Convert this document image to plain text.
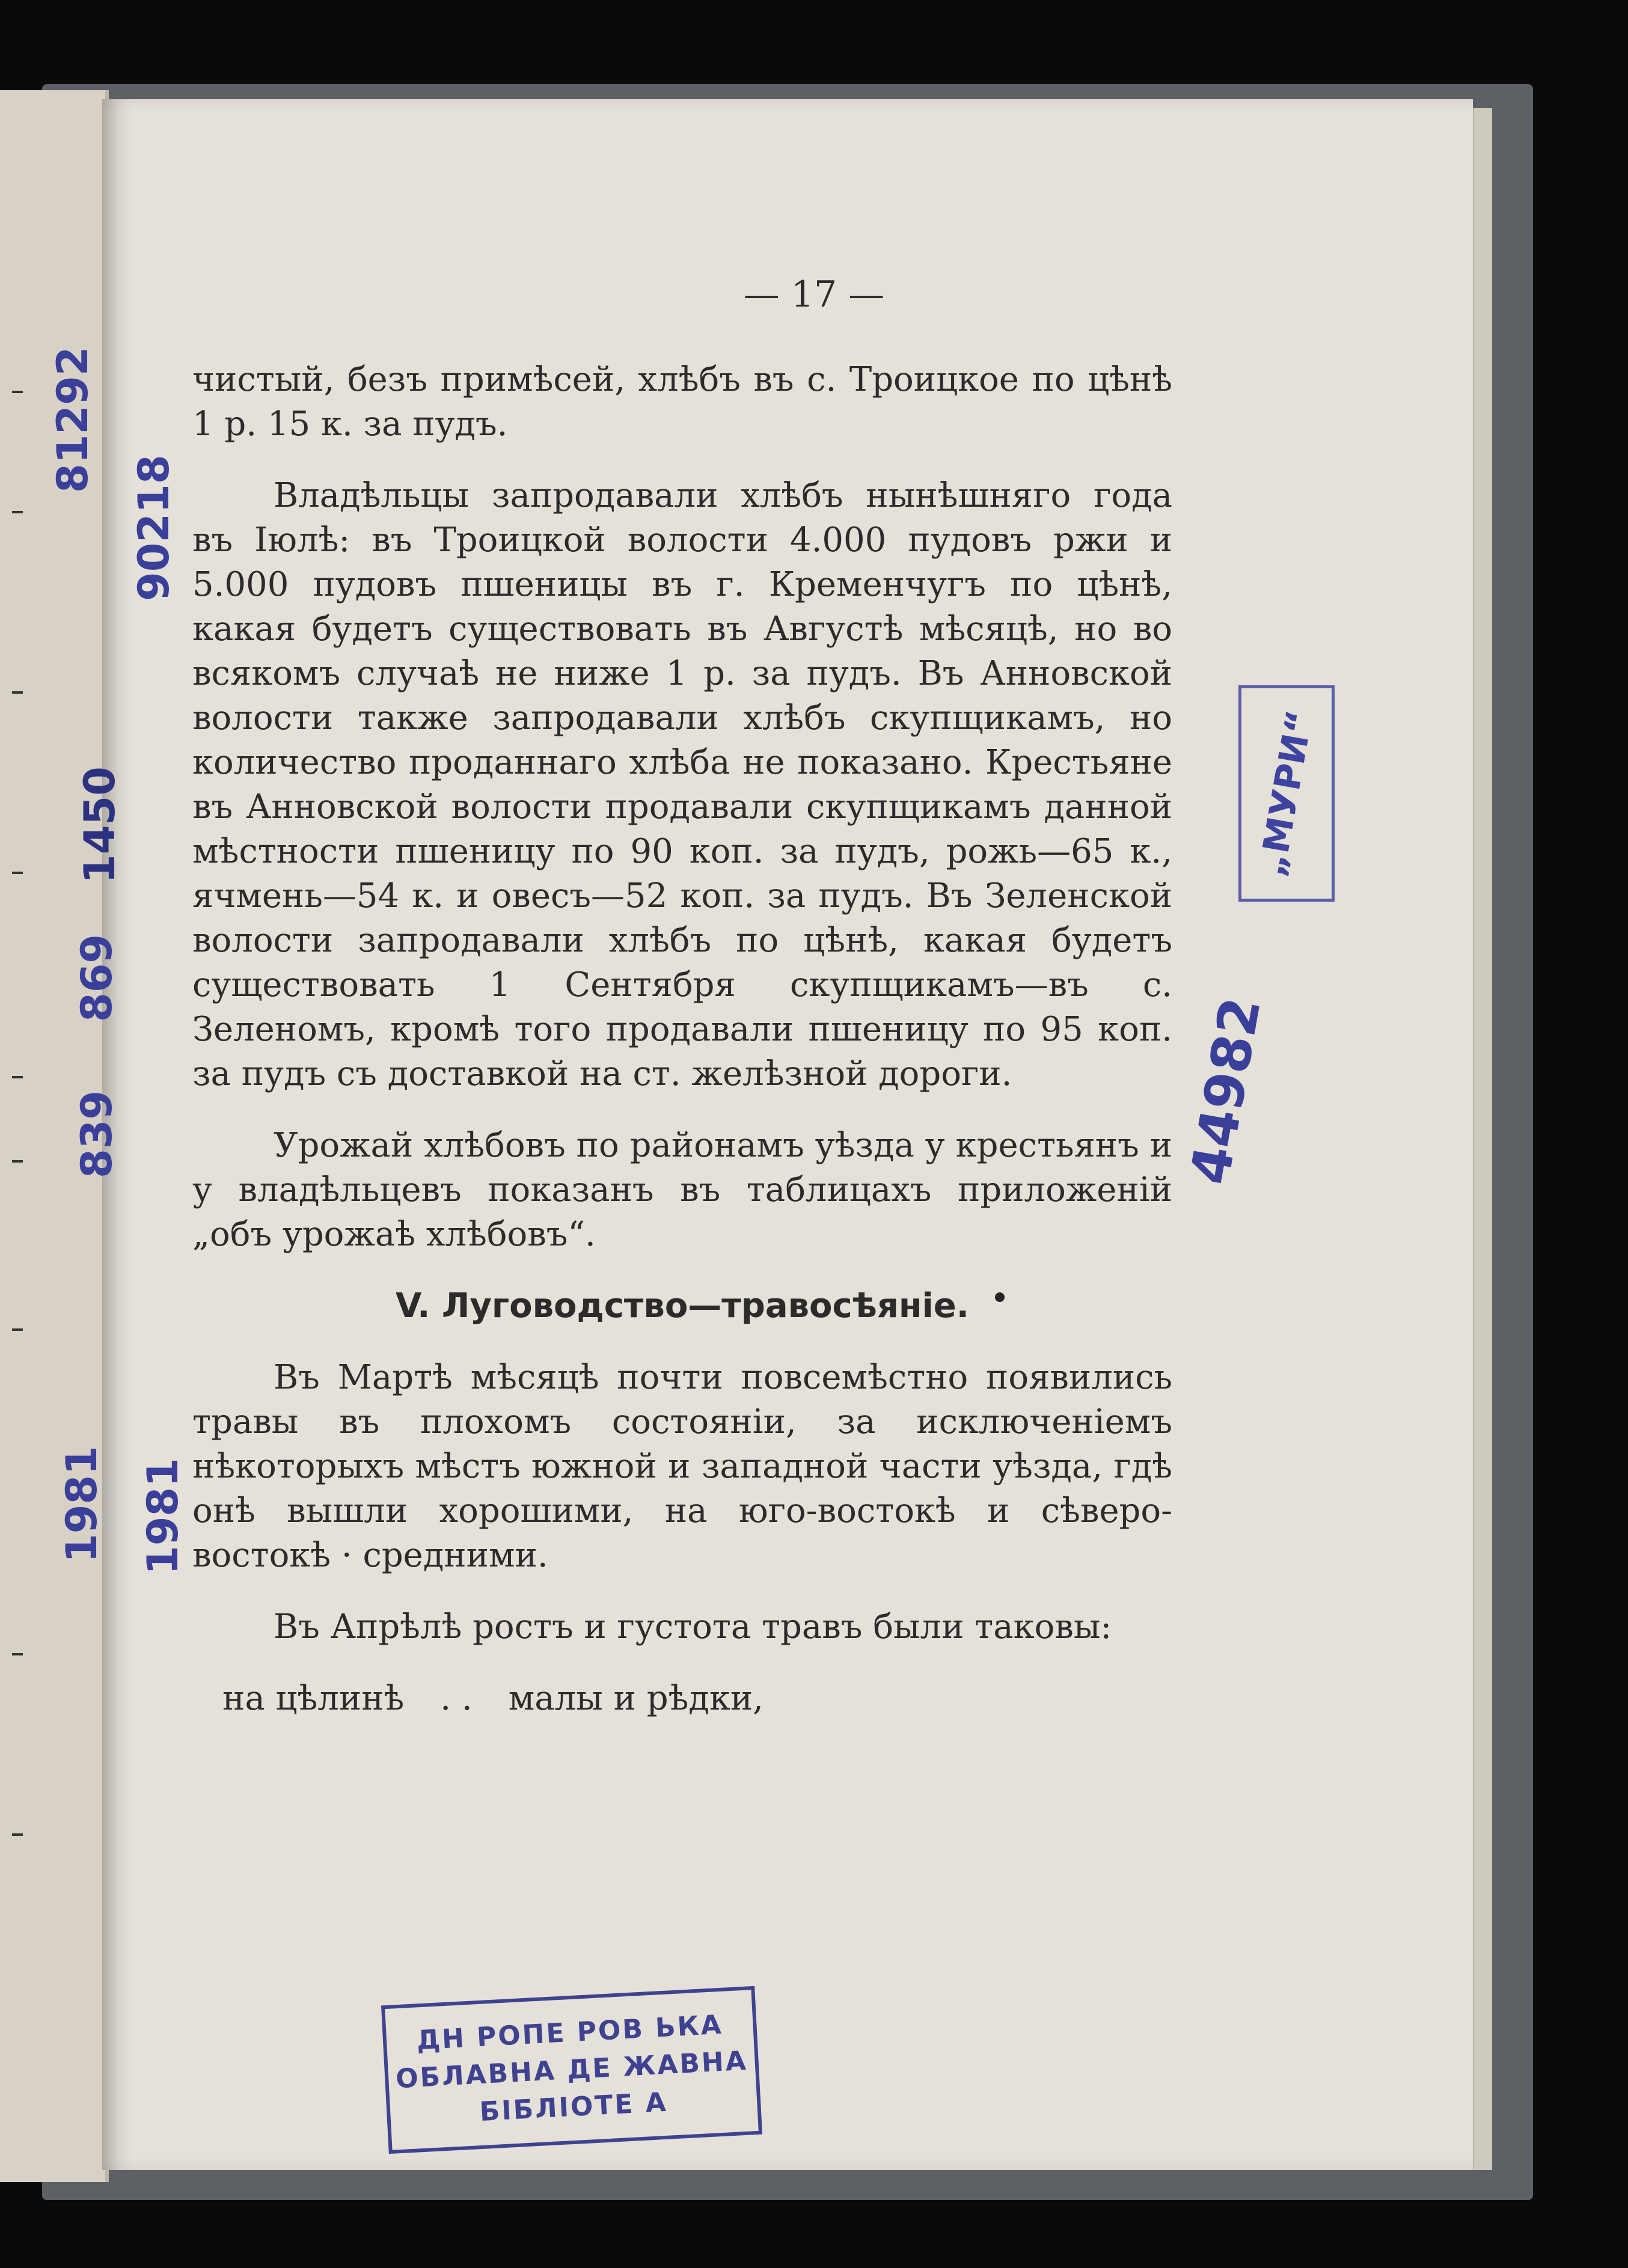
— 17 —

чистый, безъ примѣсей, хлѣбъ въ с. Троицкое по цѣнѣ 1 р. 15 к. за пудъ.

Владѣльцы запродавали хлѣбъ нынѣшняго года въ Іюлѣ: въ Троицкой волости 4.000 пудовъ ржи и 5.000 пудовъ пшеницы въ г. Кременчугъ по цѣнѣ, какая будетъ существовать въ Августѣ мѣсяцѣ, но во всякомъ случаѣ не ниже 1 р. за пудъ. Въ Анновской волости также запродавали хлѣбъ скупщикамъ, но количество проданнаго хлѣба не показано. Крестьяне въ Анновской волости продавали скупщикамъ данной мѣстности пшеницу по 90 коп. за пудъ, рожь—65 к., ячмень—54 к. и овесъ—52 коп. за пудъ. Въ Зеленской волости запродавали хлѣбъ по цѣнѣ, какая будетъ существовать 1 Сентября скупщикамъ—въ с. Зеленомъ, кромѣ того продавали пшеницу по 95 коп. за пудъ съ доставкой на ст. желѣзной дороги.

Урожай хлѣбовъ по районамъ уѣзда у крестьянъ и у владѣльцевъ показанъ въ таблицахъ приложеній „объ урожаѣ хлѣбовъ“.

V. Луговодство—травосѣяніе.

Въ Мартѣ мѣсяцѣ почти повсемѣстно появились травы въ плохомъ состояніи, за исключеніемъ нѣкоторыхъ мѣстъ южной и западной части уѣзда, гдѣ онѣ вышли хорошими, на юго-востокѣ и сѣверо-востокѣ · средними.

Въ Апрѣлѣ ростъ и густота травъ были таковы:

на цѣлинѣ . . малы и рѣдки,
81292
90218
1450
869
839
1981 1981
44982
„МУРИ“
ДН РОПЕ РОВ ЬКА
ОБЛАВНА ДЕ ЖАВНА
БІБЛІОТЕ А
